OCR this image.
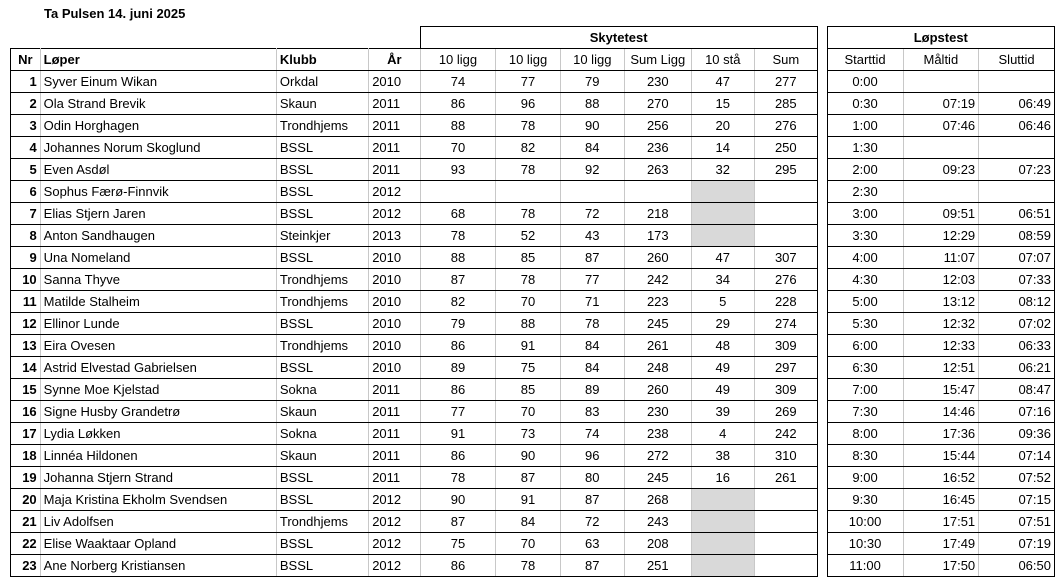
Ta Pulsen 14. juni 2025
				Skytetest							Løpstest		
Nr	Løper	Klubb	År	10 ligg	10 ligg	10 ligg	Sum Ligg	10 stå	Sum		Starttid	Måltid	Sluttid
1	Syver Einum Wikan	Orkdal	2010	74	77	79	230	47	277		0:00		
2	Ola Strand Brevik	Skaun	2011	86	96	88	270	15	285		0:30	07:19	06:49
3	Odin Horghagen	Trondhjems	2011	88	78	90	256	20	276		1:00	07:46	06:46
4	Johannes Norum Skoglund	BSSL	2011	70	82	84	236	14	250		1:30		
5	Even Asdøl	BSSL	2011	93	78	92	263	32	295		2:00	09:23	07:23
6	Sophus Færø-Finnvik	BSSL	2012								2:30		
7	Elias Stjern Jaren	BSSL	2012	68	78	72	218				3:00	09:51	06:51
8	Anton Sandhaugen	Steinkjer	2013	78	52	43	173				3:30	12:29	08:59
9	Una Nomeland	BSSL	2010	88	85	87	260	47	307		4:00	11:07	07:07
10	Sanna Thyve	Trondhjems	2010	87	78	77	242	34	276		4:30	12:03	07:33
11	Matilde Stalheim	Trondhjems	2010	82	70	71	223	5	228		5:00	13:12	08:12
12	Ellinor Lunde	BSSL	2010	79	88	78	245	29	274		5:30	12:32	07:02
13	Eira Ovesen	Trondhjems	2010	86	91	84	261	48	309		6:00	12:33	06:33
14	Astrid Elvestad Gabrielsen	BSSL	2010	89	75	84	248	49	297		6:30	12:51	06:21
15	Synne Moe Kjelstad	Sokna	2011	86	85	89	260	49	309		7:00	15:47	08:47
16	Signe Husby Grandetrø	Skaun	2011	77	70	83	230	39	269		7:30	14:46	07:16
17	Lydia Løkken	Sokna	2011	91	73	74	238	4	242		8:00	17:36	09:36
18	Linnéa Hildonen	Skaun	2011	86	90	96	272	38	310		8:30	15:44	07:14
19	Johanna Stjern Strand	BSSL	2011	78	87	80	245	16	261		9:00	16:52	07:52
20	Maja Kristina Ekholm Svendsen	BSSL	2012	90	91	87	268				9:30	16:45	07:15
21	Liv Adolfsen	Trondhjems	2012	87	84	72	243				10:00	17:51	07:51
22	Elise Waaktaar Opland	BSSL	2012	75	70	63	208				10:30	17:49	07:19
23	Ane Norberg Kristiansen	BSSL	2012	86	78	87	251				11:00	17:50	06:50
